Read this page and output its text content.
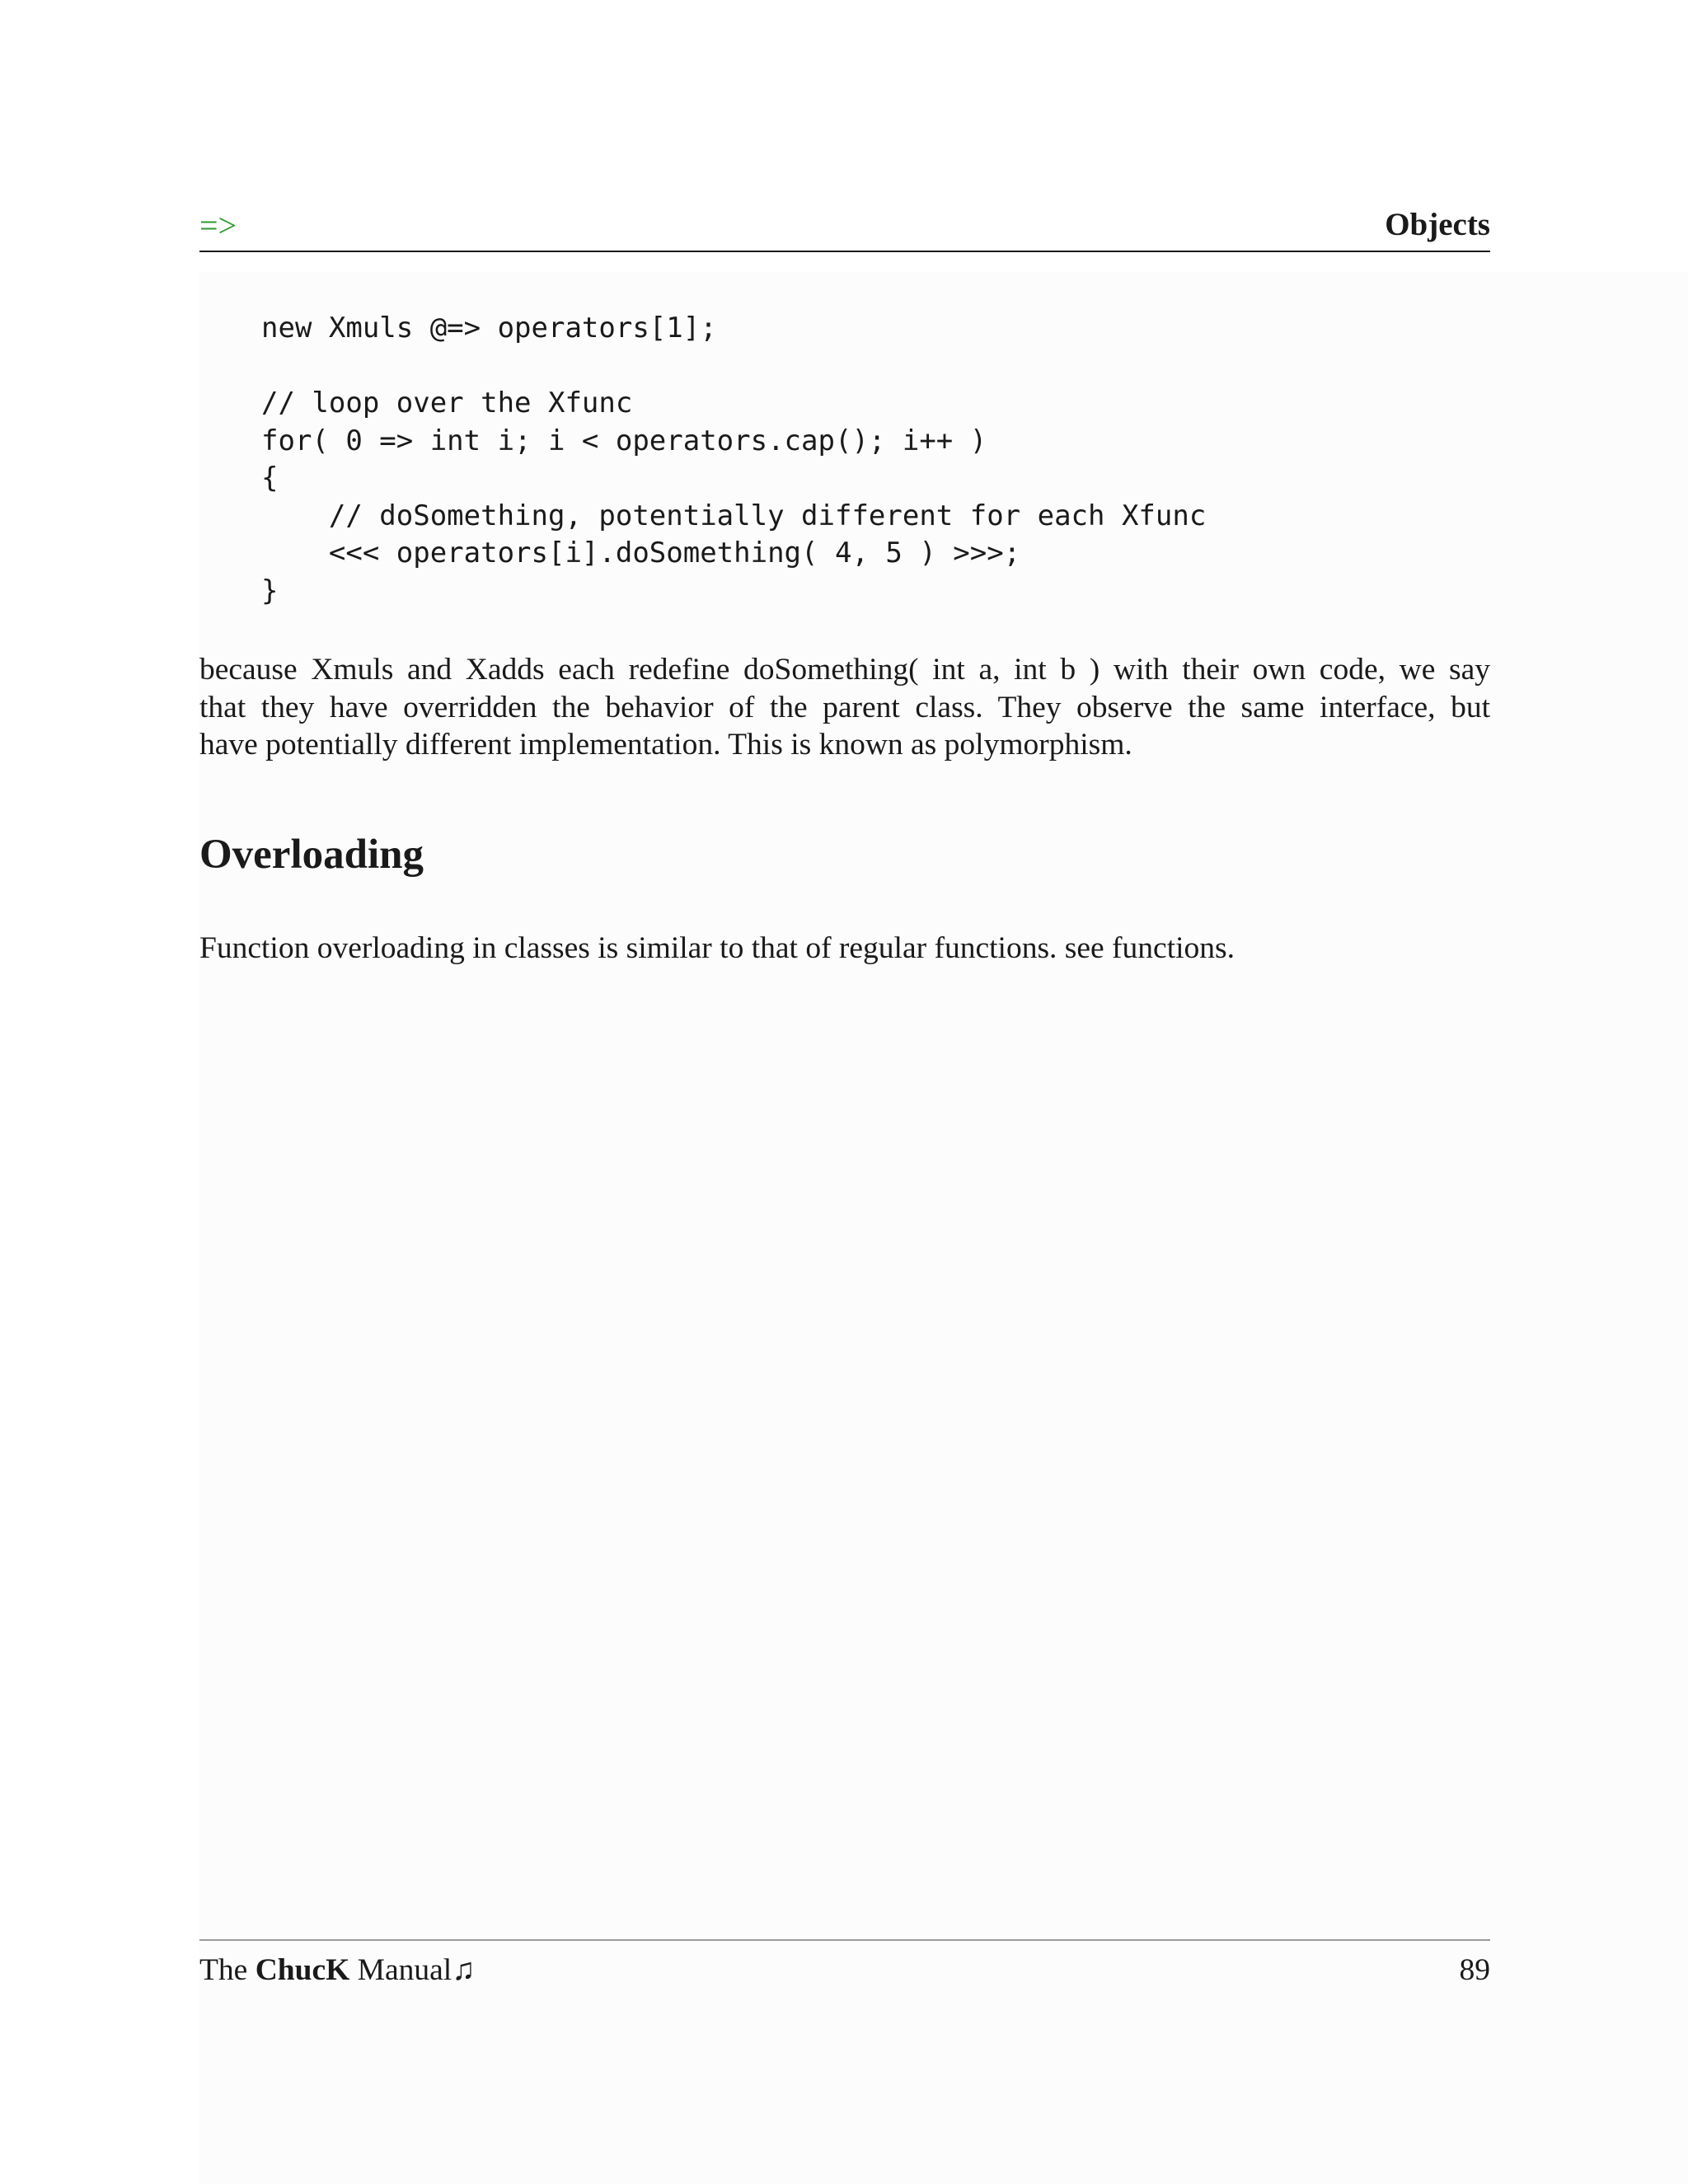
=>	Objects
new Xmuls @=> operators[1];
// loop over the Xfunc
for( 0 => int i; i < operators.cap(); i++ )
{
// doSomething, potentially different for each Xfunc
<<< operators[i].doSomething( 4, 5 ) >>>;
}
because Xmuls and Xadds each redefine doSomething( int a, int b ) with their own code, we say
that they have overridden the behavior of the parent class. They observe the same interface, but
have potentially different implementation. This is known as polymorphism.
Overloading

Function overloading in classes is similar to that of regular functions. see functions.

The ChucK Manual♫	89
